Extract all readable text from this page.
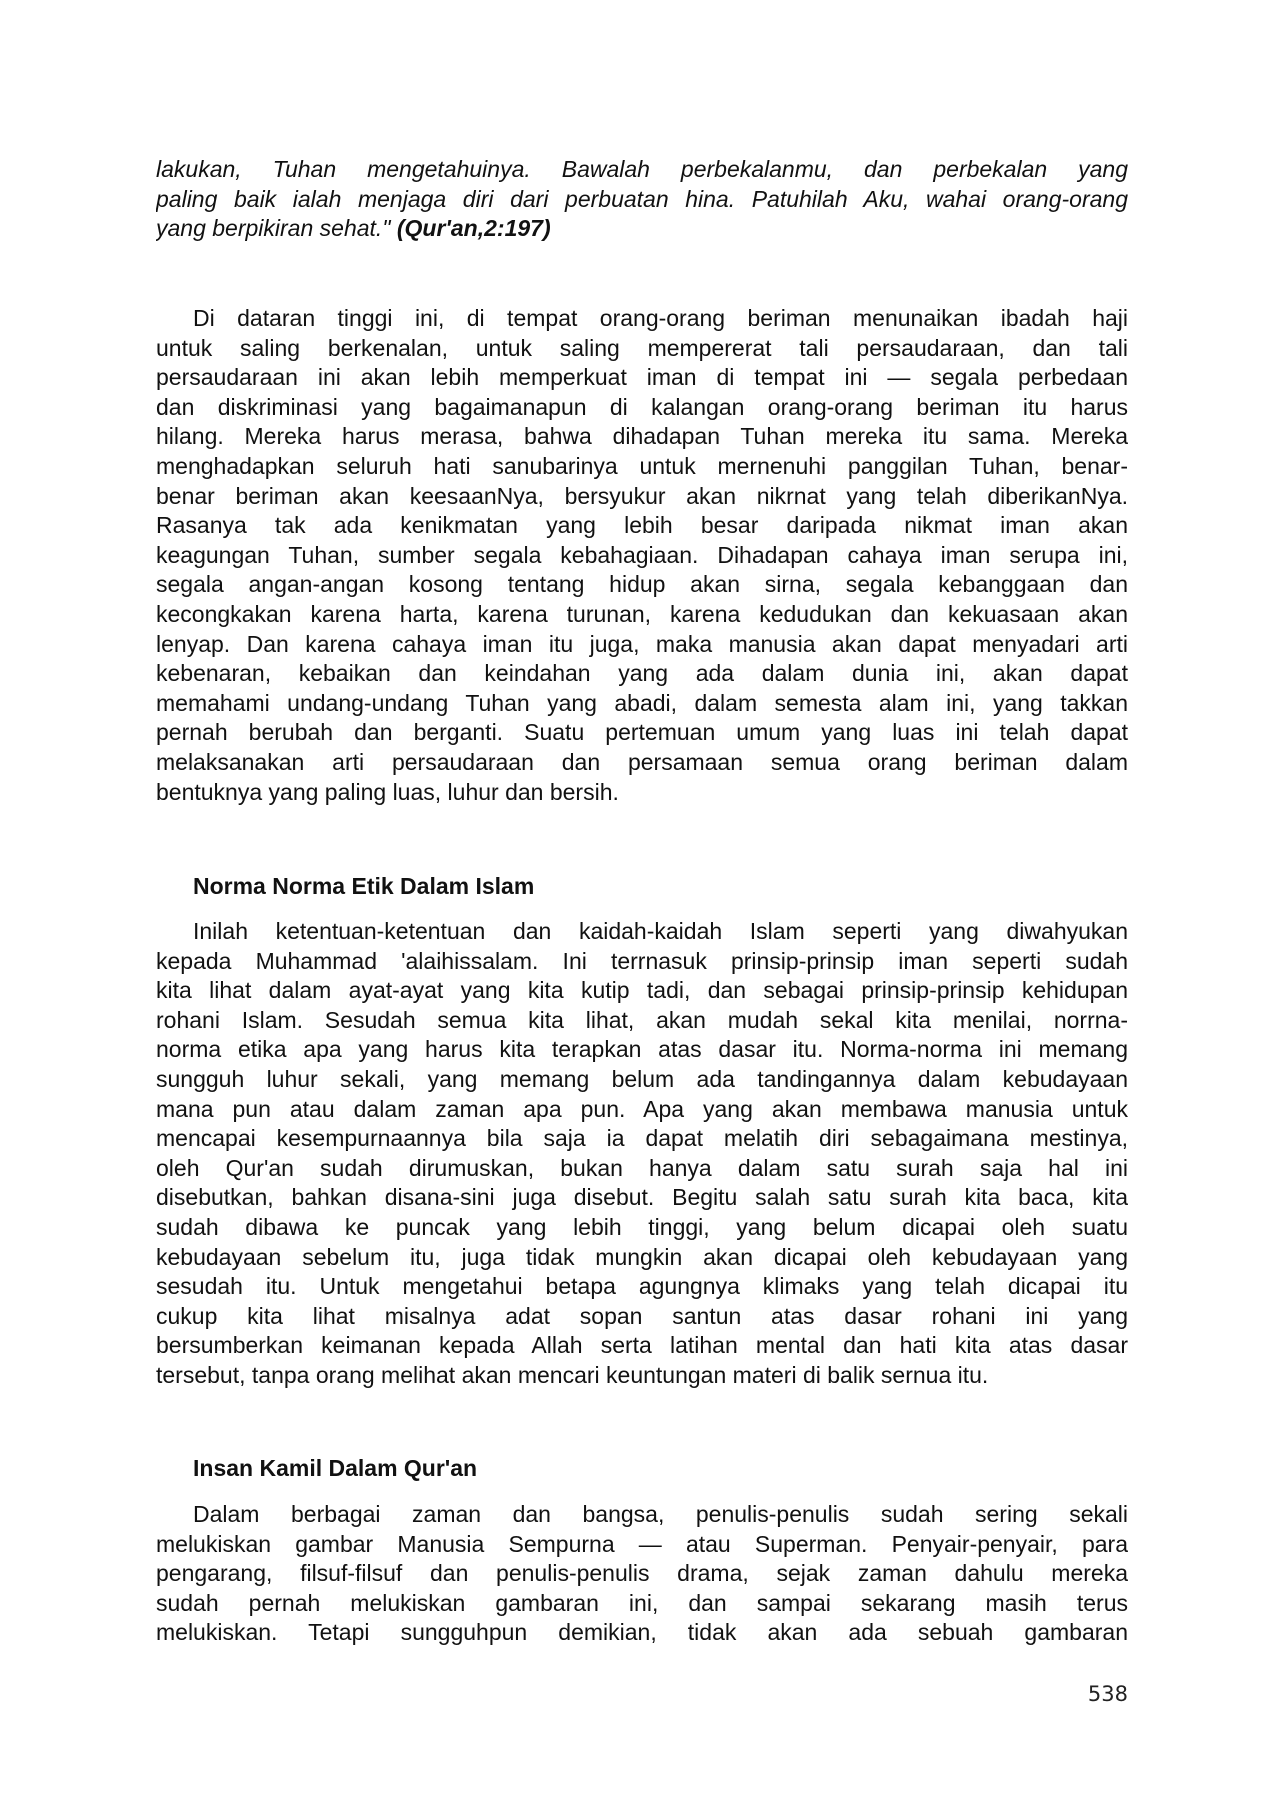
lakukan, Tuhan mengetahuinya. Bawalah perbekalanmu, dan perbekalan yang
paling baik ialah menjaga diri dari perbuatan hina. Patuhilah Aku, wahai orang-orang
yang berpikiran sehat." (Qur'an,2:197)
Di dataran tinggi ini, di tempat orang-orang beriman menunaikan ibadah haji
untuk saling berkenalan, untuk saling mempererat tali persaudaraan, dan tali
persaudaraan ini akan lebih memperkuat iman di tempat ini — segala perbedaan
dan diskriminasi yang bagaimanapun di kalangan orang-orang beriman itu harus
hilang. Mereka harus merasa, bahwa dihadapan Tuhan mereka itu sama. Mereka
menghadapkan seluruh hati sanubarinya untuk mernenuhi panggilan Tuhan, benar-
benar beriman akan keesaanNya, bersyukur akan nikrnat yang telah diberikanNya.
Rasanya tak ada kenikmatan yang lebih besar daripada nikmat iman akan
keagungan Tuhan, sumber segala kebahagiaan. Dihadapan cahaya iman serupa ini,
segala angan-angan kosong tentang hidup akan sirna, segala kebanggaan dan
kecongkakan karena harta, karena turunan, karena kedudukan dan kekuasaan akan
lenyap. Dan karena cahaya iman itu juga, maka manusia akan dapat menyadari arti
kebenaran, kebaikan dan keindahan yang ada dalam dunia ini, akan dapat
memahami undang-undang Tuhan yang abadi, dalam semesta alam ini, yang takkan
pernah berubah dan berganti. Suatu pertemuan umum yang luas ini telah dapat
melaksanakan arti persaudaraan dan persamaan semua orang beriman dalam
bentuknya yang paling luas, luhur dan bersih.
Norma Norma Etik Dalam Islam
Inilah ketentuan-ketentuan dan kaidah-kaidah Islam seperti yang diwahyukan
kepada Muhammad 'alaihissalam. Ini terrnasuk prinsip-prinsip iman seperti sudah
kita lihat dalam ayat-ayat yang kita kutip tadi, dan sebagai prinsip-prinsip kehidupan
rohani Islam. Sesudah semua kita lihat, akan mudah sekal kita menilai, norrna-
norma etika apa yang harus kita terapkan atas dasar itu. Norma-norma ini memang
sungguh luhur sekali, yang memang belum ada tandingannya dalam kebudayaan
mana pun atau dalam zaman apa pun. Apa yang akan membawa manusia untuk
mencapai kesempurnaannya bila saja ia dapat melatih diri sebagaimana mestinya,
oleh Qur'an sudah dirumuskan, bukan hanya dalam satu surah saja hal ini
disebutkan, bahkan disana-sini juga disebut. Begitu salah satu surah kita baca, kita
sudah dibawa ke puncak yang lebih tinggi, yang belum dicapai oleh suatu
kebudayaan sebelum itu, juga tidak mungkin akan dicapai oleh kebudayaan yang
sesudah itu. Untuk mengetahui betapa agungnya klimaks yang telah dicapai itu
cukup kita lihat misalnya adat sopan santun atas dasar rohani ini yang
bersumberkan keimanan kepada Allah serta latihan mental dan hati kita atas dasar
tersebut, tanpa orang melihat akan mencari keuntungan materi di balik sernua itu.
Insan Kamil Dalam Qur'an
Dalam berbagai zaman dan bangsa, penulis-penulis sudah sering sekali
melukiskan gambar Manusia Sempurna — atau Superman. Penyair-penyair, para
pengarang, filsuf-filsuf dan penulis-penulis drama, sejak zaman dahulu mereka
sudah pernah melukiskan gambaran ini, dan sampai sekarang masih terus
melukiskan. Tetapi sungguhpun demikian, tidak akan ada sebuah gambaran
538
